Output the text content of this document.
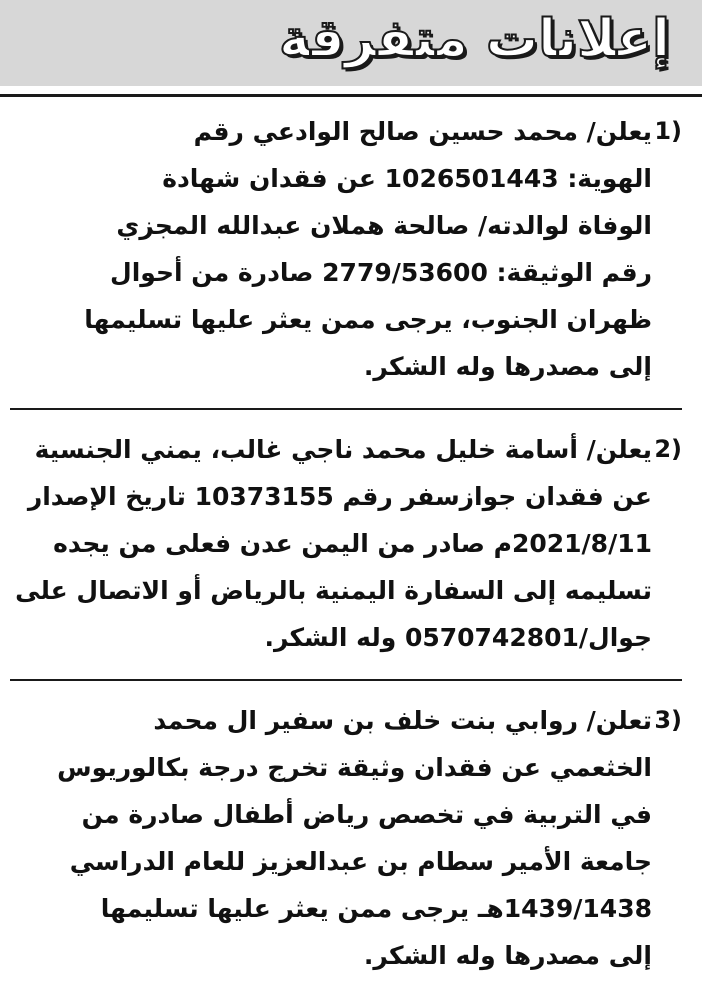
إعلانات متفرقة
1)
يعلن/ محمد حسين صالح الوادعي رقم
الهوية: 1026501443 عن فقدان شهادة
الوفاة لوالدته/ صالحة هملان عبدالله المجزي
رقم الوثيقة: 2779/53600 صادرة من أحوال
ظهران الجنوب، يرجى ممن يعثر عليها تسليمها
إلى مصدرها وله الشكر.
2)
يعلن/ أسامة خليل محمد ناجي غالب، يمني الجنسية
عن فقدان جوازسفر رقم 10373155 تاريخ الإصدار
2021/8/11م صادر من اليمن عدن فعلى من يجده
تسليمه إلى السفارة اليمنية بالرياض أو الاتصال على
جوال/0570742801 وله الشكر.
3)
تعلن/ روابي بنت خلف بن سفير ال محمد
الخثعمي عن فقدان وثيقة تخرج درجة بكالوريوس
في التربية في تخصص رياض أطفال صادرة من
جامعة الأمير سطام بن عبدالعزيز للعام الدراسي
1439/1438هـ يرجى ممن يعثر عليها تسليمها
إلى مصدرها وله الشكر.
